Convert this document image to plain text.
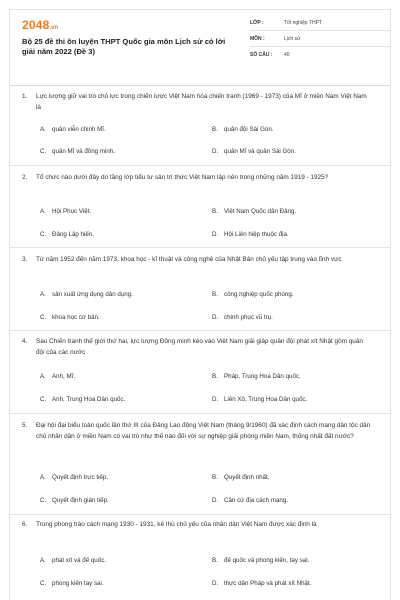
2048.vn
Bộ 25 đề thi ôn luyện THPT Quốc gia môn Lịch sử có lời giải năm 2022 (Đề 3)
LỚP :	Tốt nghiệp THPT
MÔN :	Lịch sử
SỐ CÂU :	40
1. Lực lượng giữ vai trò chủ lực trong chiến lược Việt Nam hóa chiến tranh (1969 - 1973) của Mĩ ở miền Nam Việt Nam là
A. quân viễn chinh Mĩ.	B. quân đội Sài Gòn.
C. quân Mĩ và đồng minh.	D. quân Mĩ và quân Sài Gòn.
2. Tổ chức nào dưới đây do tầng lớp tiểu tư sản trí thức Việt Nam lập nên trong những năm 1919 - 1925?
A. Hội Phục Việt.	B. Việt Nam Quốc dân Đảng.
C. Đảng Lập hiến.	D. Hội Liên hiệp thuộc địa.
3. Từ năm 1952 đến năm 1973, khoa học - kĩ thuật và công nghệ của Nhật Bản chủ yếu tập trung vào lĩnh vực
A. sản xuất ứng dụng dân dụng.	B. công nghiệp quốc phòng.
C. khoa học cơ bản.	D. chinh phục vũ trụ.
4. Sau Chiến tranh thế giới thứ hai, lực lượng Đồng minh kéo vào Việt Nam giải giáp quân đội phát xít Nhật gồm quân đội của các nước
A. Anh, Mĩ.	B. Pháp, Trung Hoa Dân quốc.
C. Anh, Trung Hoa Dân quốc.	D. Liên Xô, Trung Hoa Dân quốc.
5. Đại hội đại biểu toàn quốc lần thứ III của Đảng Lao động Việt Nam (tháng 9/1960) đã xác định cách mạng dân tộc dân chủ nhân dân ở miền Nam có vai trò như thế nào đối với sự nghiệp giải phóng miền Nam, thống nhất đất nước?
A. Quyết định trực tiếp.	B. Quyết định nhất.
C. Quyết định gián tiếp.	D. Căn cứ địa cách mạng.
6. Trong phong trào cách mạng 1930 - 1931, kẻ thù chủ yếu của nhân dân Việt Nam được xác định là
A. phát xít và đế quốc.	B. đế quốc và phong kiến, tay sai.
C. phong kiến tay sai.	D. thực dân Pháp và phát xít Nhật.
